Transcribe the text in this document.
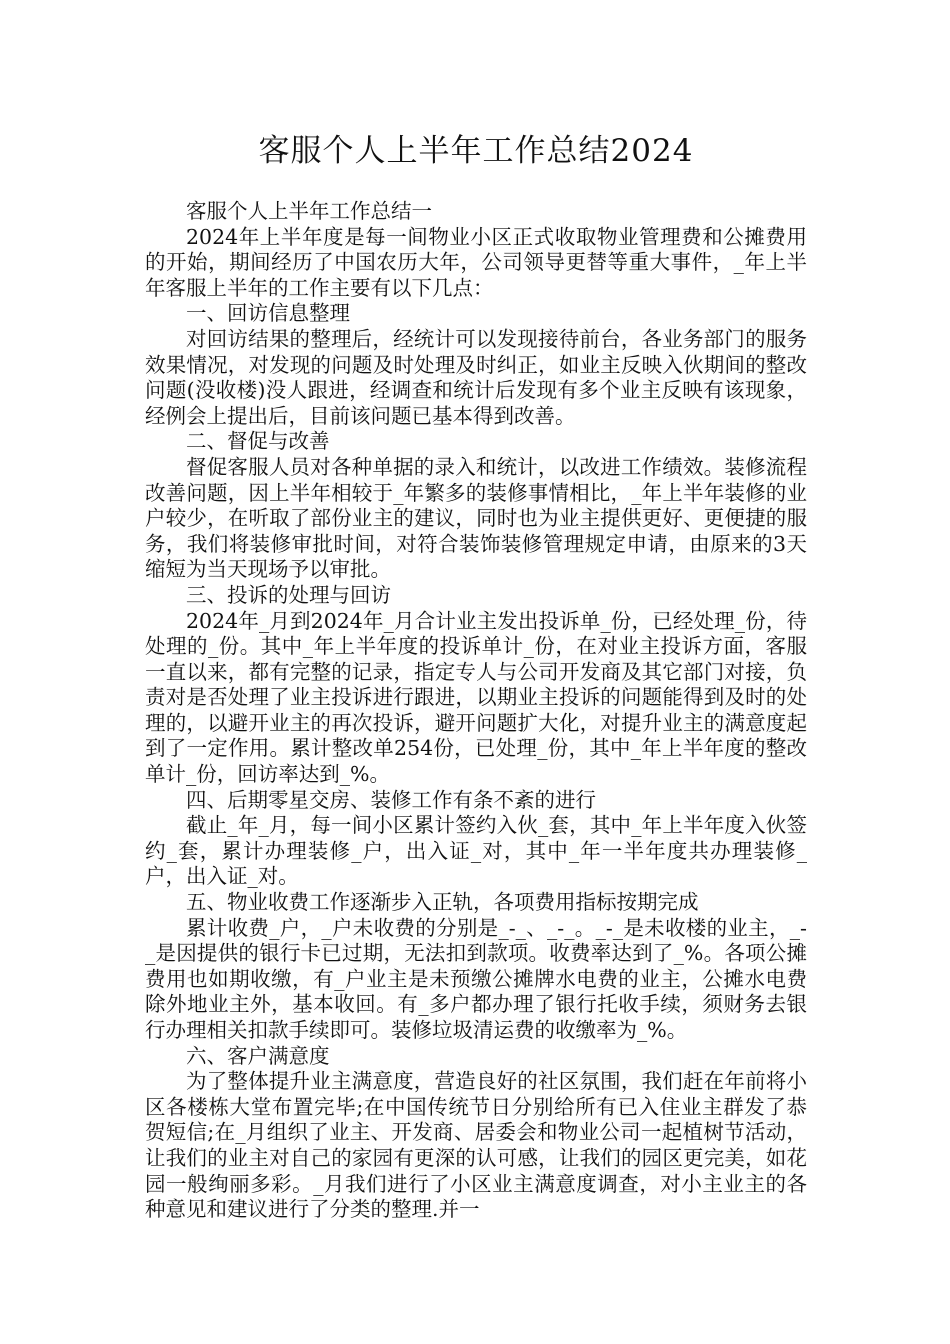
客服个人上半年工作总结2024

客服个人上半年工作总结一

2024年上半年度是每一间物业小区正式收取物业管理费和公摊费用的开始，期间经历了中国农历大年，公司领导更替等重大事件，_年上半年客服上半年的工作主要有以下几点：

一、回访信息整理

对回访结果的整理后，经统计可以发现接待前台，各业务部门的服务效果情况，对发现的问题及时处理及时纠正，如业主反映入伙期间的整改问题(没收楼)没人跟进，经调查和统计后发现有多个业主反映有该现象，经例会上提出后，目前该问题已基本得到改善。

二、督促与改善

督促客服人员对各种单据的录入和统计，以改进工作绩效。装修流程改善问题，因上半年相较于_年繁多的装修事情相比，_年上半年装修的业户较少，在听取了部份业主的建议，同时也为业主提供更好、更便捷的服务，我们将装修审批时间，对符合装饰装修管理规定申请，由原来的3天缩短为当天现场予以审批。

三、投诉的处理与回访

2024年_月到2024年_月合计业主发出投诉单_份，已经处理_份，待处理的_份。其中_年上半年度的投诉单计_份，在对业主投诉方面，客服一直以来，都有完整的记录，指定专人与公司开发商及其它部门对接，负责对是否处理了业主投诉进行跟进，以期业主投诉的问题能得到及时的处理的，以避开业主的再次投诉，避开问题扩大化，对提升业主的满意度起到了一定作用。累计整改单254份，已处理_份，其中_年上半年度的整改单计_份，回访率达到_%。

四、后期零星交房、装修工作有条不紊的进行

截止_年_月，每一间小区累计签约入伙_套，其中_年上半年度入伙签约_套，累计办理装修_户，出入证_对，其中_年一半年度共办理装修_户，出入证_对。

五、物业收费工作逐渐步入正轨，各项费用指标按期完成

累计收费_户，_户未收费的分别是_-_、_-_。_-_是未收楼的业主，_-_是因提供的银行卡已过期，无法扣到款项。收费率达到了_%。各项公摊费用也如期收缴，有_户业主是未预缴公摊牌水电费的业主，公摊水电费除外地业主外，基本收回。有_多户都办理了银行托收手续，须财务去银行办理相关扣款手续即可。装修垃圾清运费的收缴率为_%。

六、客户满意度

为了整体提升业主满意度，营造良好的社区氛围，我们赶在年前将小区各楼栋大堂布置完毕;在中国传统节日分别给所有已入住业主群发了恭贺短信;在_月组织了业主、开发商、居委会和物业公司一起植树节活动，让我们的业主对自己的家园有更深的认可感，让我们的园区更完美，如花园一般绚丽多彩。_月我们进行了小区业主满意度调查，对小主业主的各种意见和建议进行了分类的整理.并一
